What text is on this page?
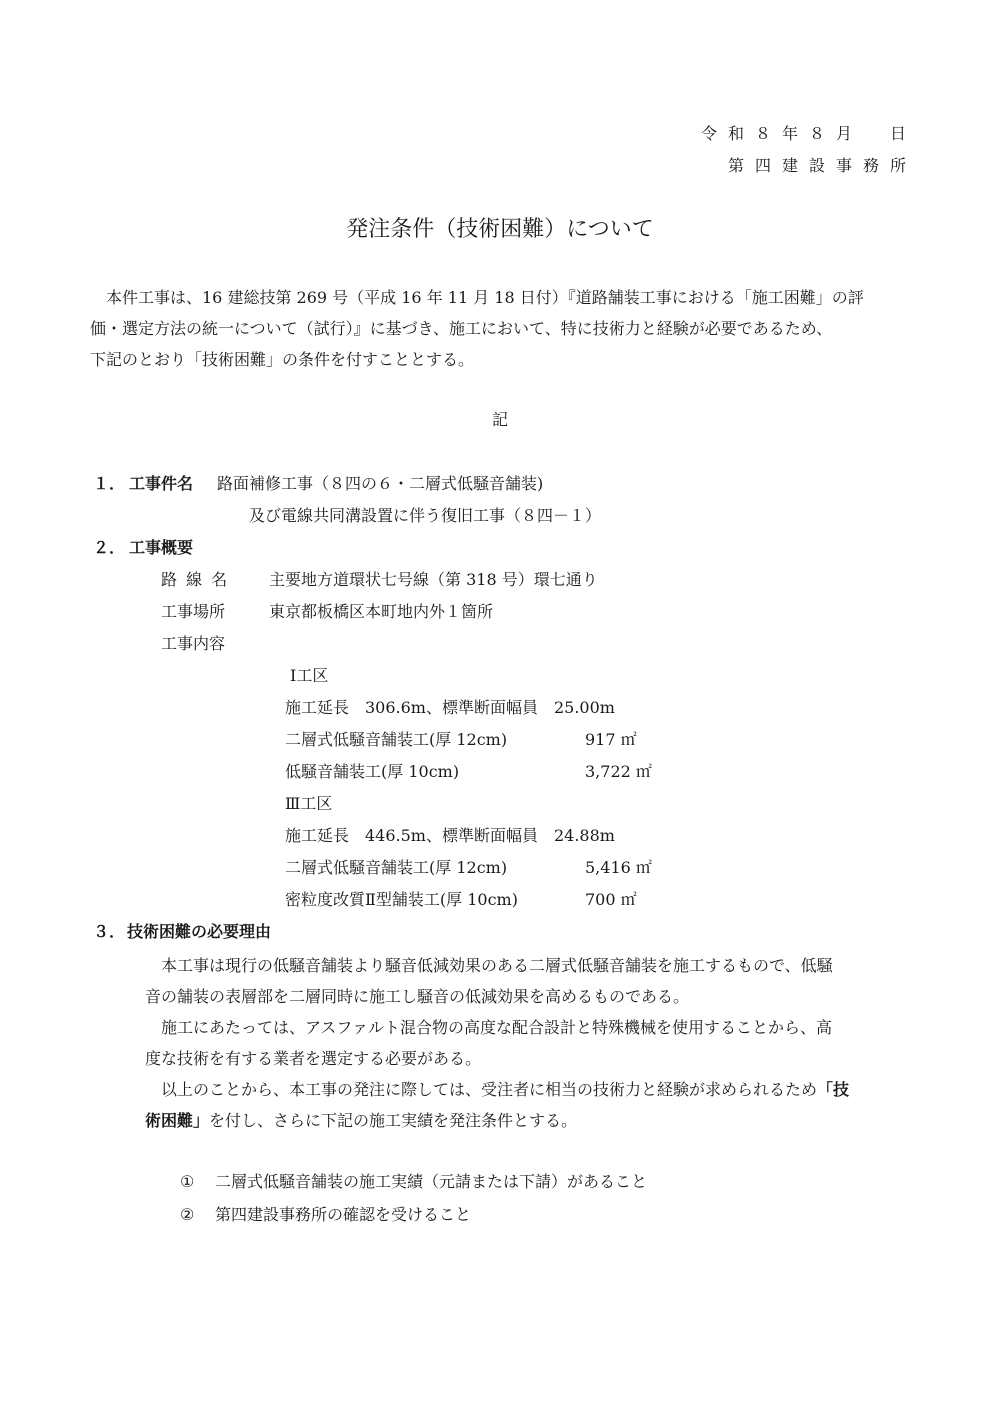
令和８年８月　日
第四建設事務所
発注条件（技術困難）について
本件工事は、16 建総技第 269 号（平成 16 年 11 月 18 日付）『道路舗装工事における「施工困難」の評
価・選定方法の統一について（試行）』に基づき、施工において、特に技術力と経験が必要であるため、
下記のとおり「技術困難」の条件を付すこととする。
記
１． 工事件名 路面補修工事（８四の６・二層式低騒音舗装)
及び電線共同溝設置に伴う復旧工事（８四－１）
２． 工事概要
路 線 名 主要地方道環状七号線（第 318 号）環七通り
工事場所	東京都板橋区本町地内外１箇所
工事内容
Ⅰ工区
施工延長　306.6m、標準断面幅員　25.00m
二層式低騒音舗装工(厚 12cm)	917 ㎡
低騒音舗装工(厚 10cm)	3,722 ㎡
Ⅲ工区
施工延長　446.5m、標準断面幅員　24.88m
二層式低騒音舗装工(厚 12cm)	5,416 ㎡
密粒度改質Ⅱ型舗装工(厚 10cm)	700 ㎡
３． 技術困難の必要理由
本工事は現行の低騒音舗装より騒音低減効果のある二層式低騒音舗装を施工するもので、低騒
音の舗装の表層部を二層同時に施工し騒音の低減効果を高めるものである。
施工にあたっては、アスファルト混合物の高度な配合設計と特殊機械を使用することから、高
度な技術を有する業者を選定する必要がある。
以上のことから、本工事の発注に際しては、受注者に相当の技術力と経験が求められるため「技
術困難」を付し、さらに下記の施工実績を発注条件とする。
① 二層式低騒音舗装の施工実績（元請または下請）があること
② 第四建設事務所の確認を受けること
